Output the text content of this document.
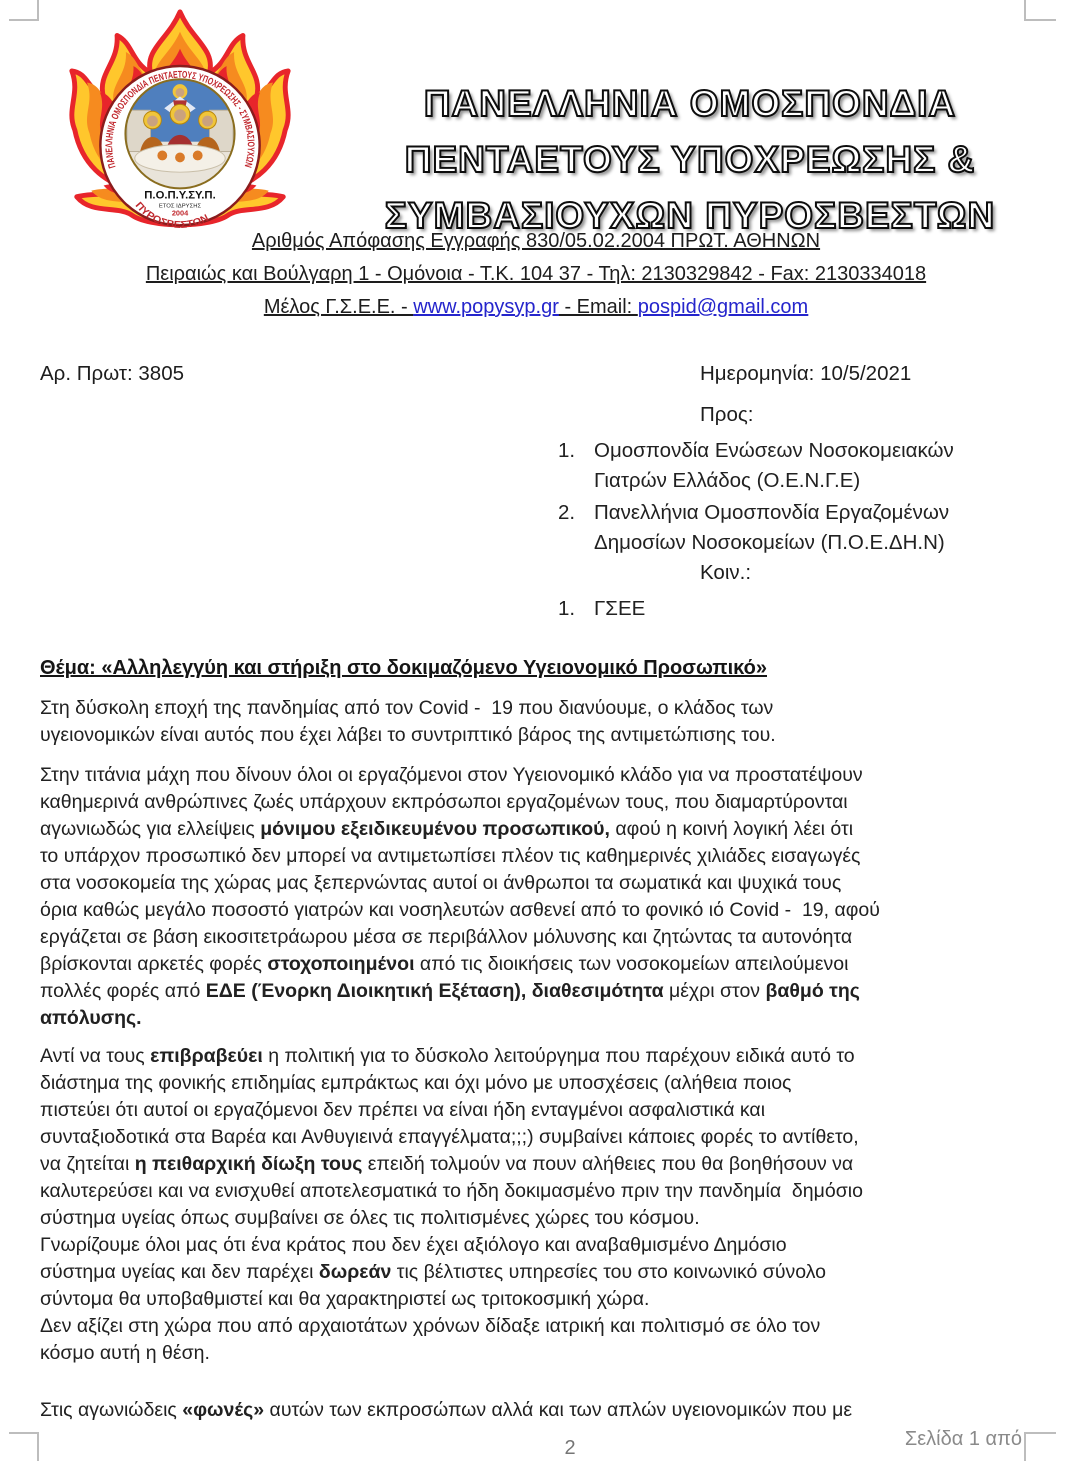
ΠΑΝΕΛΛΗΝΙΑ ΟΜΟΣΠΟΝΔΙΑ ΠΕΝΤΑΕΤΟΥΣ ΥΠΟΧΡΕΩΣΗΣ - ΣΥΜΒΑΣΙΟΥΧΩΝ
ΠΥΡΟΣΒΕΣΤΩΝ
Π.Ο.Π.Υ.ΣΥ.Π.
ΕΤΟΣ ΙΔΡΥΣΗΣ
2004
ΠΑΝΕΛΛΗΝΙΑ ΟΜΟΣΠΟΝΔΙΑ
ΠΕΝΤΑΕΤΟΥΣ ΥΠΟΧΡΕΩΣΗΣ &
ΣΥΜΒΑΣΙΟΥΧΩΝ ΠΥΡΟΣΒΕΣΤΩΝ
Αριθμός Απόφασης Εγγραφής 830/05.02.2004 ΠΡΩΤ. ΑΘΗΝΩΝ
Πειραιώς και Βούλγαρη 1 - Ομόνοια - Τ.Κ. 104 37 - Τηλ: 2130329842 - Fax: 2130334018
Μέλος Γ.Σ.Ε.Ε. - www.popysyp.gr - Email: pospid@gmail.com
Αρ. Πρωτ: 3805	Ημερομηνία: 10/5/2021
Προς:
1. Ομοσπονδία Ενώσεων Νοσοκομειακών
Γιατρών Ελλάδος (Ο.Ε.Ν.Γ.Ε)
2. Πανελλήνια Ομοσπονδία Εργαζομένων
Δημοσίων Νοσοκομείων (Π.Ο.Ε.ΔΗ.Ν)
Κοιν.:
1. ΓΣΕΕ
Θέμα: «Αλληλεγγύη και στήριξη στο δοκιμαζόμενο Υγειονομικό Προσωπικό»
Στη δύσκολη εποχή της πανδημίας από τον Covid -  19 που διανύουμε, ο κλάδος των
υγειονομικών είναι αυτός που έχει λάβει το συντριπτικό βάρος της αντιμετώπισης του.
Στην τιτάνια μάχη που δίνουν όλοι οι εργαζόμενοι στον Υγειονομικό κλάδο για να προστατέψουν
καθημερινά ανθρώπινες ζωές υπάρχουν εκπρόσωποι εργαζομένων τους, που διαμαρτύρονται
αγωνιωδώς για ελλείψεις μόνιμου εξειδικευμένου προσωπικού, αφού η κοινή λογική λέει ότι
το υπάρχον προσωπικό δεν μπορεί να αντιμετωπίσει πλέον τις καθημερινές χιλιάδες εισαγωγές
στα νοσοκομεία της χώρας μας ξεπερνώντας αυτοί οι άνθρωποι τα σωματικά και ψυχικά τους
όρια καθώς μεγάλο ποσοστό γιατρών και νοσηλευτών ασθενεί από το φονικό ιό Covid -  19, αφού
εργάζεται σε βάση εικοσιτετράωρου μέσα σε περιβάλλον μόλυνσης και ζητώντας τα αυτονόητα
βρίσκονται αρκετές φορές στοχοποιημένοι από τις διοικήσεις των νοσοκομείων απειλούμενοι
πολλές φορές από ΕΔΕ (Ένορκη Διοικητική Εξέταση), διαθεσιμότητα μέχρι στον βαθμό της
απόλυσης.
Αντί να τους επιβραβεύει η πολιτική για το δύσκολο λειτούργημα που παρέχουν ειδικά αυτό το
διάστημα της φονικής επιδημίας εμπράκτως και όχι μόνο με υποσχέσεις (αλήθεια ποιος
πιστεύει ότι αυτοί οι εργαζόμενοι δεν πρέπει να είναι ήδη ενταγμένοι ασφαλιστικά και
συνταξιοδοτικά στα Βαρέα και Ανθυγιεινά επαγγέλματα;;;) συμβαίνει κάποιες φορές το αντίθετο,
να ζητείται η πειθαρχική δίωξη τους επειδή τολμούν να πουν αλήθειες που θα βοηθήσουν να
καλυτερεύσει και να ενισχυθεί αποτελεσματικά το ήδη δοκιμασμένο πριν την πανδημία  δημόσιο
σύστημα υγείας όπως συμβαίνει σε όλες τις πολιτισμένες χώρες του κόσμου.
Γνωρίζουμε όλοι μας ότι ένα κράτος που δεν έχει αξιόλογο και αναβαθμισμένο Δημόσιο
σύστημα υγείας και δεν παρέχει δωρεάν τις βέλτιστες υπηρεσίες του στο κοινωνικό σύνολο
σύντομα θα υποβαθμιστεί και θα χαρακτηριστεί ως τριτοκοσμική χώρα.
Δεν αξίζει στη χώρα που από αρχαιοτάτων χρόνων δίδαξε ιατρική και πολιτισμό σε όλο τον
κόσμο αυτή η θέση.
Στις αγωνιώδεις «φωνές» αυτών των εκπροσώπων αλλά και των απλών υγειονομικών που με
Σελίδα 1 από
2
